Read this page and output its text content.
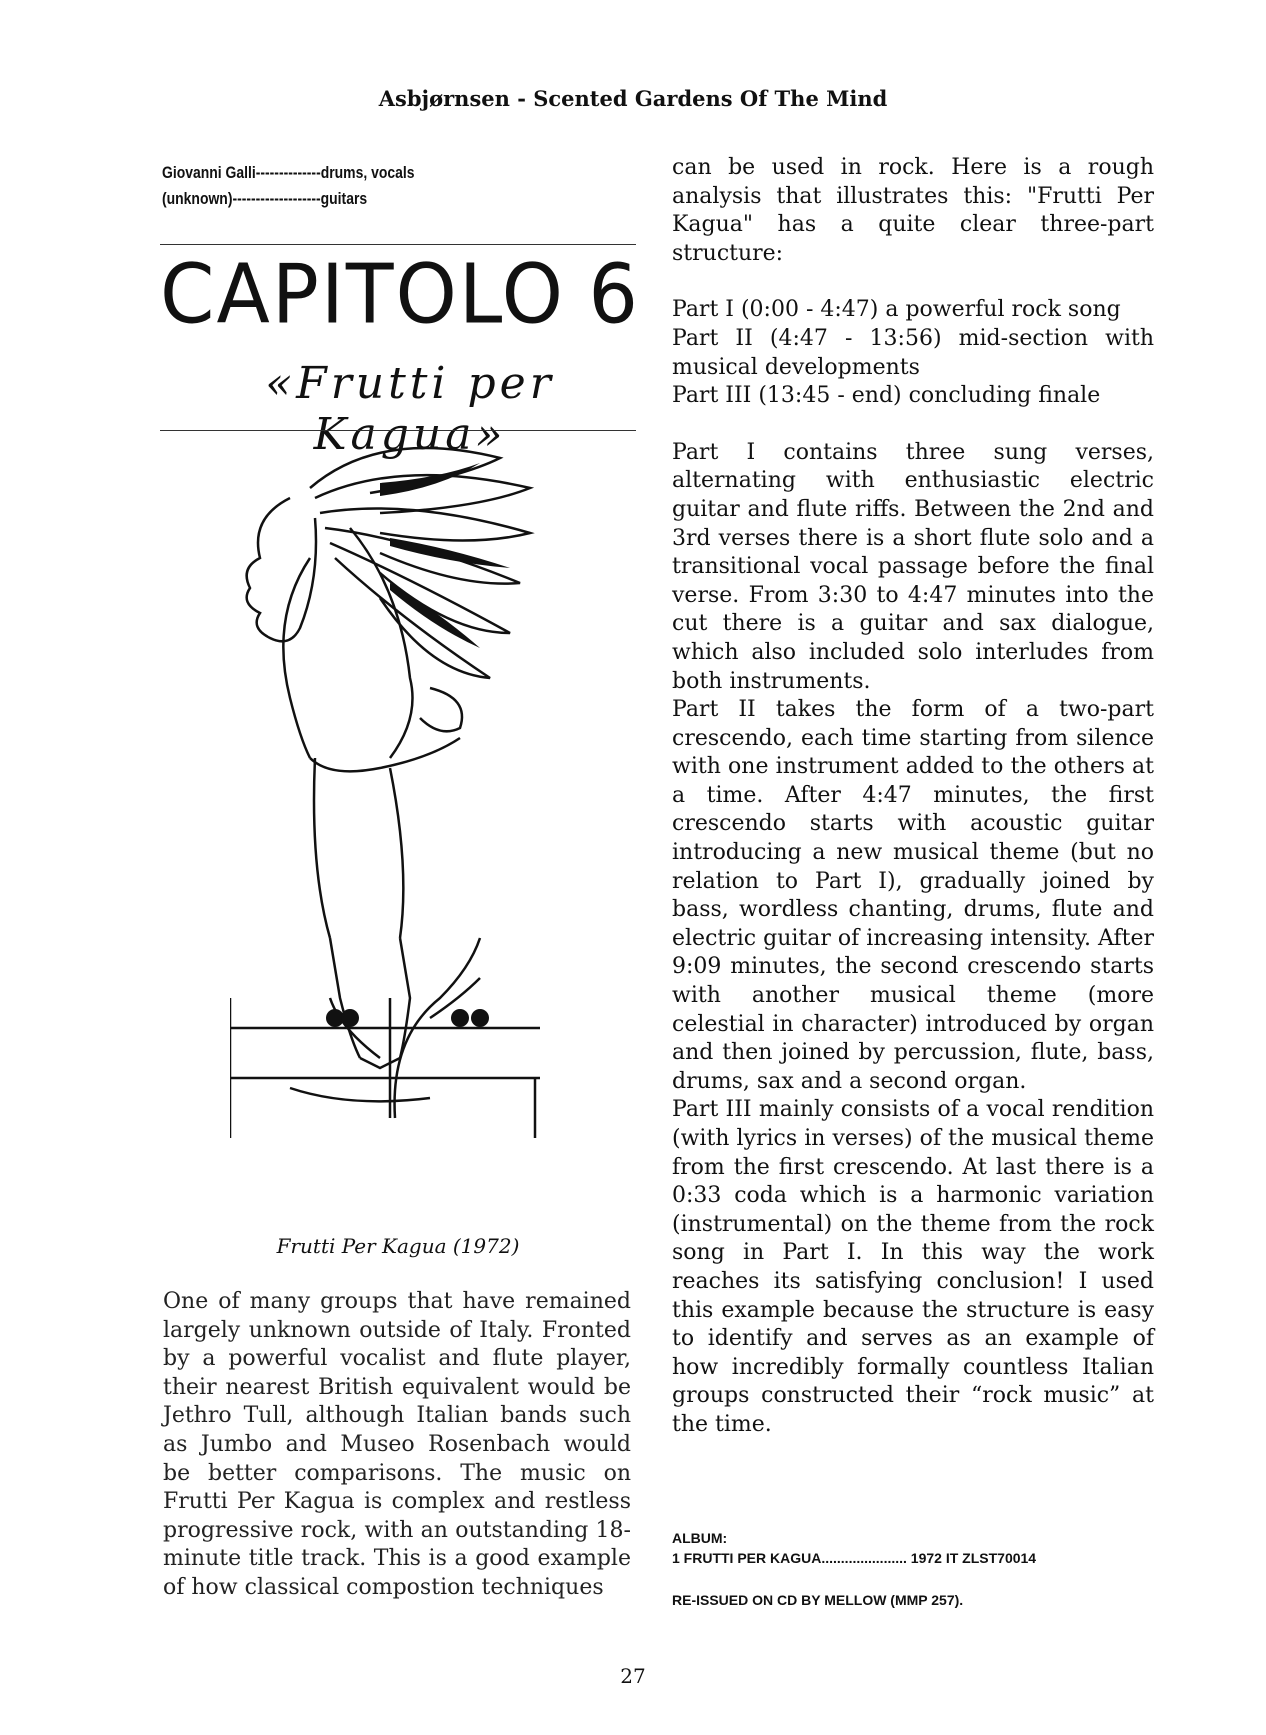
Asbjørnsen - Scented Gardens Of The Mind
Giovanni Galli--------------drums, vocals
(unknown)-------------------guitars
CAPITOLO 6
«Frutti per Kagua»
Frutti Per Kagua (1972)

One of many groups that have remained largely unknown outside of Italy. Fronted by a powerful vocalist and flute player, their nearest British equivalent would be Jethro Tull, although Italian bands such as Jumbo and Museo Rosenbach would be better comparisons. The music on Frutti Per Kagua is complex and restless progressive rock, with an outstanding 18-minute title track. This is a good example of how classical compostion techniques

can be used in rock. Here is a rough analysis that illustrates this: "Frutti Per Kagua" has a quite clear three-part structure:

Part I (0:00 - 4:47) a powerful rock song

Part II (4:47 - 13:56) mid-section with musical developments

Part III (13:45 - end) concluding finale

Part I contains three sung verses, alternating with enthusiastic electric guitar and flute riffs. Between the 2nd and 3rd verses there is a short flute solo and a transitional vocal passage before the final verse. From 3:30 to 4:47 minutes into the cut there is a guitar and sax dialogue, which also included solo interludes from both instruments.

Part II takes the form of a two-part crescendo, each time starting from silence with one instrument added to the others at a time. After 4:47 minutes, the first crescendo starts with acoustic guitar introducing a new musical theme (but no relation to Part I), gradually joined by bass, wordless chanting, drums, flute and electric guitar of increasing intensity. After 9:09 minutes, the second crescendo starts with another musical theme (more celestial in character) introduced by organ and then joined by percussion, flute, bass, drums, sax and a second organ.

Part III mainly consists of a vocal rendition (with lyrics in verses) of the musical theme from the first crescendo. At last there is a 0:33 coda which is a harmonic variation (instrumental) on the theme from the rock song in Part I. In this way the work reaches its satisfying conclusion! I used this example because the structure is easy to identify and serves as an example of how incredibly formally countless Italian groups constructed their “rock music” at the time.

ALBUM:
1 FRUTTI PER KAGUA...................... 1972 IT ZLST70014
RE-ISSUED ON CD BY MELLOW (MMP 257).
27
